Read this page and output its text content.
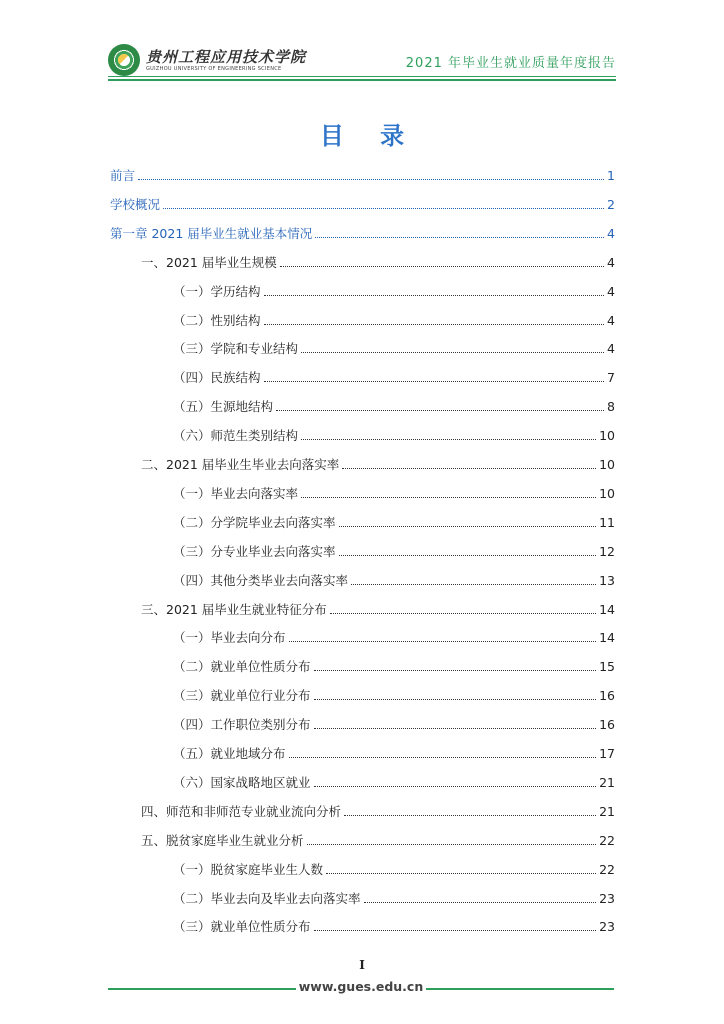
贵州工程应用技术学院
GUIZHOU UNIVERSITY OF ENGINEERING SCIENCE	2021 年毕业生就业质量年度报告
目 录
前言	1
学校概况	2
第一章 2021 届毕业生就业基本情况	4
一、2021 届毕业生规模	4
（一）学历结构	4
（二）性别结构	4
（三）学院和专业结构	4
（四）民族结构	7
（五）生源地结构	8
（六）师范生类别结构	10
二、2021 届毕业生毕业去向落实率	10
（一）毕业去向落实率	10
（二）分学院毕业去向落实率	11
（三）分专业毕业去向落实率	12
（四）其他分类毕业去向落实率	13
三、2021 届毕业生就业特征分布	14
（一）毕业去向分布	14
（二）就业单位性质分布	15
（三）就业单位行业分布	16
（四）工作职位类别分布	16
（五）就业地域分布	17
（六）国家战略地区就业	21
四、师范和非师范专业就业流向分析	21
五、脱贫家庭毕业生就业分析	22
（一）脱贫家庭毕业生人数	22
（二）毕业去向及毕业去向落实率	23
（三）就业单位性质分布	23
I
www.gues.edu.cn
